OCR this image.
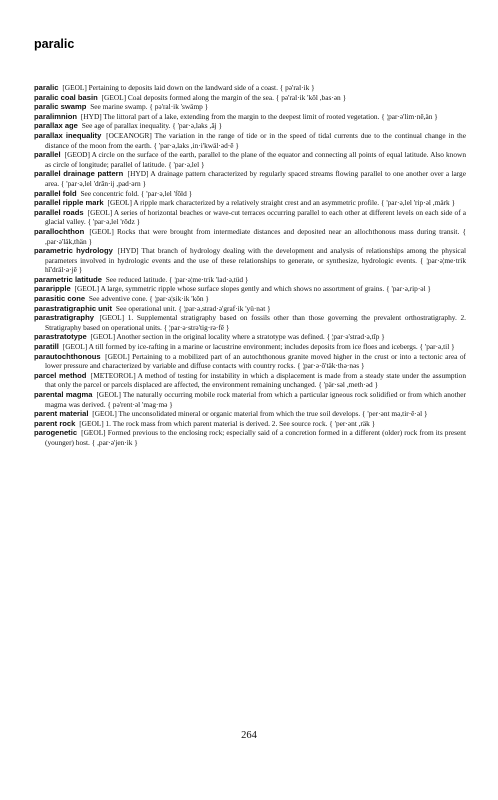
paralic

paralic [GEOL] Pertaining to deposits laid down on the landward side of a coast. { pə'ral·ik }

paralic coal basin [GEOL] Coal deposits formed along the margin of the sea. { pə'ral·ik 'kōl ,bas·ən }

paralic swamp See marine swamp. { pə'ral·ik 'swämp }

paralimnion [HYD] The littoral part of a lake, extending from the margin to the deepest limit of rooted vegetation. { ¦par·ə'lim·nē,än }

parallax age See age of parallax inequality. { 'par·ə,laks ,āj }

parallax inequality [OCEANOGR] The variation in the range of tide or in the speed of tidal currents due to the continual change in the distance of the moon from the earth. { 'par·ə,laks ,in·i'kwäl·əd·ē }

parallel [GEOD] A circle on the surface of the earth, parallel to the plane of the equator and connecting all points of equal latitude. Also known as circle of longitude; parallel of latitude. { 'par·ə,lel }

parallel drainage pattern [HYD] A drainage pattern characterized by regularly spaced streams flowing parallel to one another over a large area. { 'par·ə,lel 'drān·ij ,pad·ərn }

parallel fold See concentric fold. { 'par·ə,lel 'fōld }

parallel ripple mark [GEOL] A ripple mark characterized by a relatively straight crest and an asymmetric profile. { 'par·ə,lel 'rip·əl ,märk }

parallel roads [GEOL] A series of horizontal beaches or wave-cut terraces occurring parallel to each other at different levels on each side of a glacial valley. { 'par·ə,lel 'rōdz }

parallochthon [GEOL] Rocks that were brought from intermediate distances and deposited near an allochthonous mass during transit. { ,par·ə'läk,thän }

parametric hydrology [HYD] That branch of hydrology dealing with the development and analysis of relationships among the physical parameters involved in hydrologic events and the use of these relationships to generate, or synthesize, hydrologic events. { ¦par·ə¦me·trik hī'dräl·ə·jē }

parametric latitude See reduced latitude. { ¦par·ə¦me·trik 'lad·ə,tüd }

pararipple [GEOL] A large, symmetric ripple whose surface slopes gently and which shows no assortment of grains. { 'par·ə,rip·əl }

parasitic cone See adventive cone. { ¦par·ə¦sik·ik 'kōn }

parastratigraphic unit See operational unit. { ¦par·ə,strad·ə'graf·ik 'yü·nət }

parastratigraphy [GEOL] 1. Supplemental stratigraphy based on fossils other than those governing the prevalent orthostratigraphy. 2. Stratigraphy based on operational units. { ¦par·ə·strə'tig·rə·fē }

parastratotype [GEOL] Another section in the original locality where a stratotype was defined. { ¦par·ə'strad·ə,tīp }

paratill [GEOL] A till formed by ice-rafting in a marine or lacustrine environment; includes deposits from ice floes and icebergs. { 'par·ə,til }

parautochthonous [GEOL] Pertaining to a mobilized part of an autochthonous granite moved higher in the crust or into a tectonic area of lower pressure and characterized by variable and diffuse contacts with country rocks. { ¦par·ə·ō'täk·thə·nəs }

parcel method [METEOROL] A method of testing for instability in which a displacement is made from a steady state under the assumption that only the parcel or parcels displaced are affected, the environment remaining unchanged. { 'pär·səl ,meth·əd }

parental magma [GEOL] The naturally occurring mobile rock material from which a particular igneous rock solidified or from which another magma was derived. { pə'rent·əl 'mag·mə }

parent material [GEOL] The unconsolidated mineral or organic material from which the true soil develops. { 'per·ənt mə,tir·ē·əl }

parent rock [GEOL] 1. The rock mass from which parent material is derived. 2. See source rock. { 'per·ənt ,räk }

parogenetic [GEOL] Formed previous to the enclosing rock; especially said of a concretion formed in a different (older) rock from its present (younger) host. { ,par·ə'jen·ik }

264
